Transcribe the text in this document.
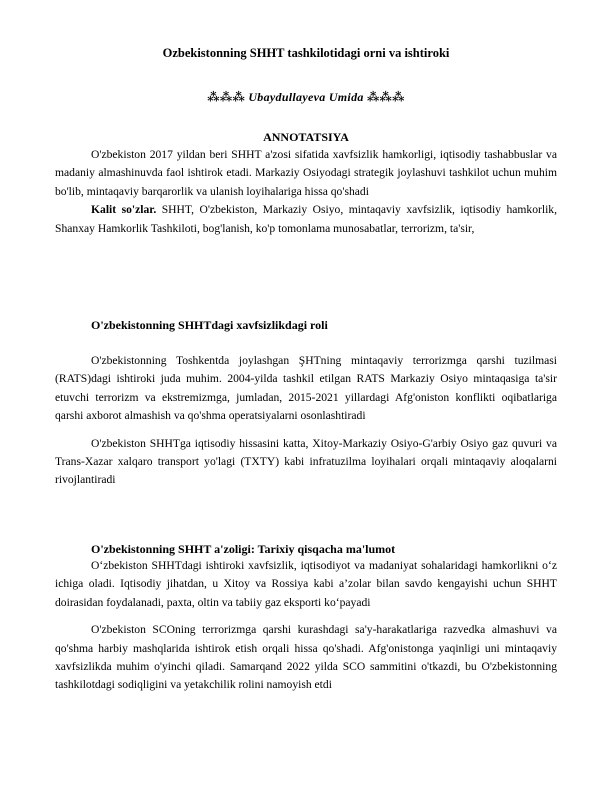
Ozbekistonning SHHT tashkilotidagi orni va ishtiroki
⁂⁂⁂ Ubaydullayeva Umida ⁂⁂⁂
ANNOTATSIYA

O'zbekiston 2017 yildan beri SHHT a'zosi sifatida xavfsizlik hamkorligi, iqtisodiy tashabbuslar va madaniy almashinuvda faol ishtirok etadi. Markaziy Osiyodagi strategik joylashuvi tashkilot uchun muhim bo'lib, mintaqaviy barqarorlik va ulanish loyihalariga hissa qo'shadi

Kalit so'zlar. SHHT, O'zbekiston, Markaziy Osiyo, mintaqaviy xavfsizlik, iqtisodiy hamkorlik, Shanxay Hamkorlik Tashkiloti, bog'lanish, ko'p tomonlama munosabatlar, terrorizm, ta'sir,

O'zbekistonning SHHTdagi xavfsizlikdagi roli

O'zbekistonning Toshkentda joylashgan ŞHTning mintaqaviy terrorizmga qarshi tuzilmasi (RATS)dagi ishtiroki juda muhim. 2004-yilda tashkil etilgan RATS Markaziy Osiyo mintaqasiga ta'sir etuvchi terrorizm va ekstremizmga, jumladan, 2015-2021 yillardagi Afg'oniston konflikti oqibatlariga qarshi axborot almashish va qo'shma operatsiyalarni osonlashtiradi

O'zbekiston SHHTga iqtisodiy hissasini katta, Xitoy-Markaziy Osiyo-G'arbiy Osiyo gaz quvuri va Trans-Xazar xalqaro transport yo'lagi (TXTY) kabi infratuzilma loyihalari orqali mintaqaviy aloqalarni rivojlantiradi

O'zbekistonning SHHT a'zoligi: Tarixiy qisqacha ma'lumot

O‘zbekiston SHHTdagi ishtiroki xavfsizlik, iqtisodiyot va madaniyat sohalaridagi hamkorlikni o‘z ichiga oladi. Iqtisodiy jihatdan, u Xitoy va Rossiya kabi a’zolar bilan savdo kengayishi uchun SHHT doirasidan foydalanadi, paxta, oltin va tabiiy gaz eksporti ko‘payadi

O'zbekiston SCOning terrorizmga qarshi kurashdagi sa'y-harakatlariga razvedka almashuvi va qo'shma harbiy mashqlarida ishtirok etish orqali hissa qo'shadi. Afg'onistonga yaqinligi uni mintaqaviy xavfsizlikda muhim o'yinchi qiladi. Samarqand 2022 yilda SCO sammitini o'tkazdi, bu O'zbekistonning tashkilotdagi sodiqligini va yetakchilik rolini namoyish etdi
